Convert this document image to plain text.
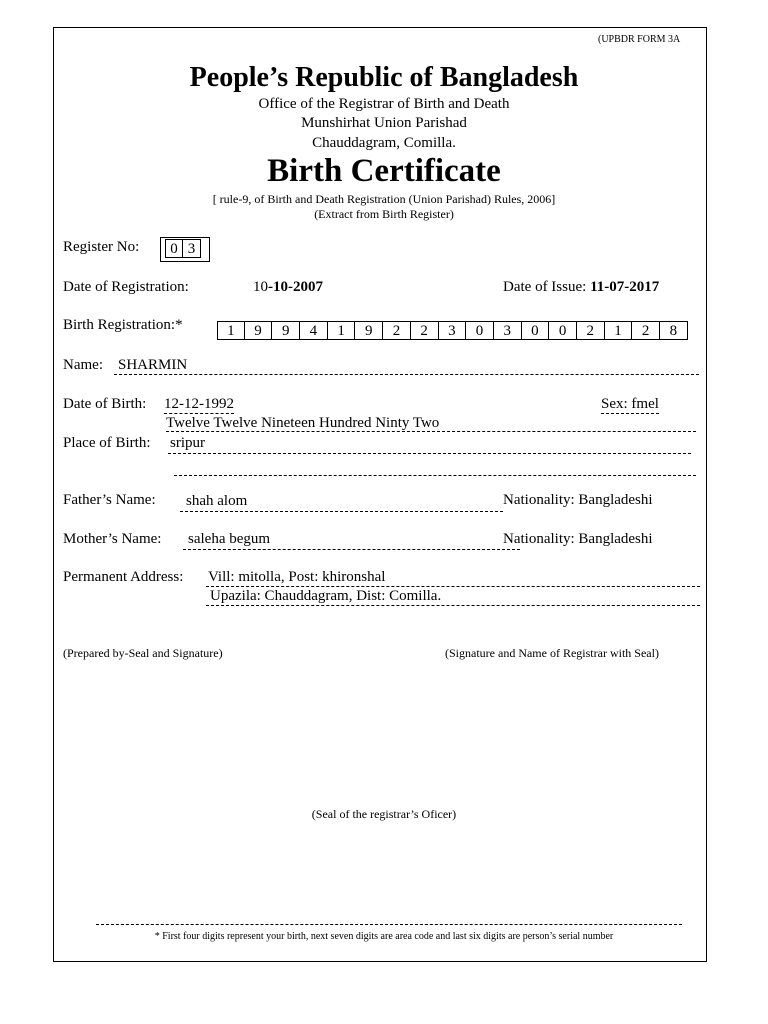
(UPBDR FORM 3A
People’s Republic of Bangladesh
Office of the Registrar of Birth and Death
Munshirhat Union Parishad
Chauddagram, Comilla.
Birth Certificate
[ rule-9, of Birth and Death Registration (Union Parishad) Rules, 2006]
(Extract from Birth Register)
Register No:	0 3
Date of Registration:	10-10-2007	Date of Issue: 11-07-2017
Birth Registration:*	1	9	9	4	1	9	2	2	3	0	3	0	0	2	1	2	8
Name: SHARMIN
Date of Birth: 12-12-1992	Sex: fmel
Twelve Twelve Nineteen Hundred Ninty Two
Place of Birth: sripur
Father’s Name: shah alom	Nationality: Bangladeshi
Mother’s Name: saleha begum	Nationality: Bangladeshi
Permanent Address: Vill: mitolla, Post: khironshal
Upazila: Chauddagram, Dist: Comilla.
(Prepared by-Seal and Signature)	(Signature and Name of Registrar with Seal)
(Seal of the registrar’s Oficer)
* First four digits represent your birth, next seven digits are area code and last six digits are person’s serial number
